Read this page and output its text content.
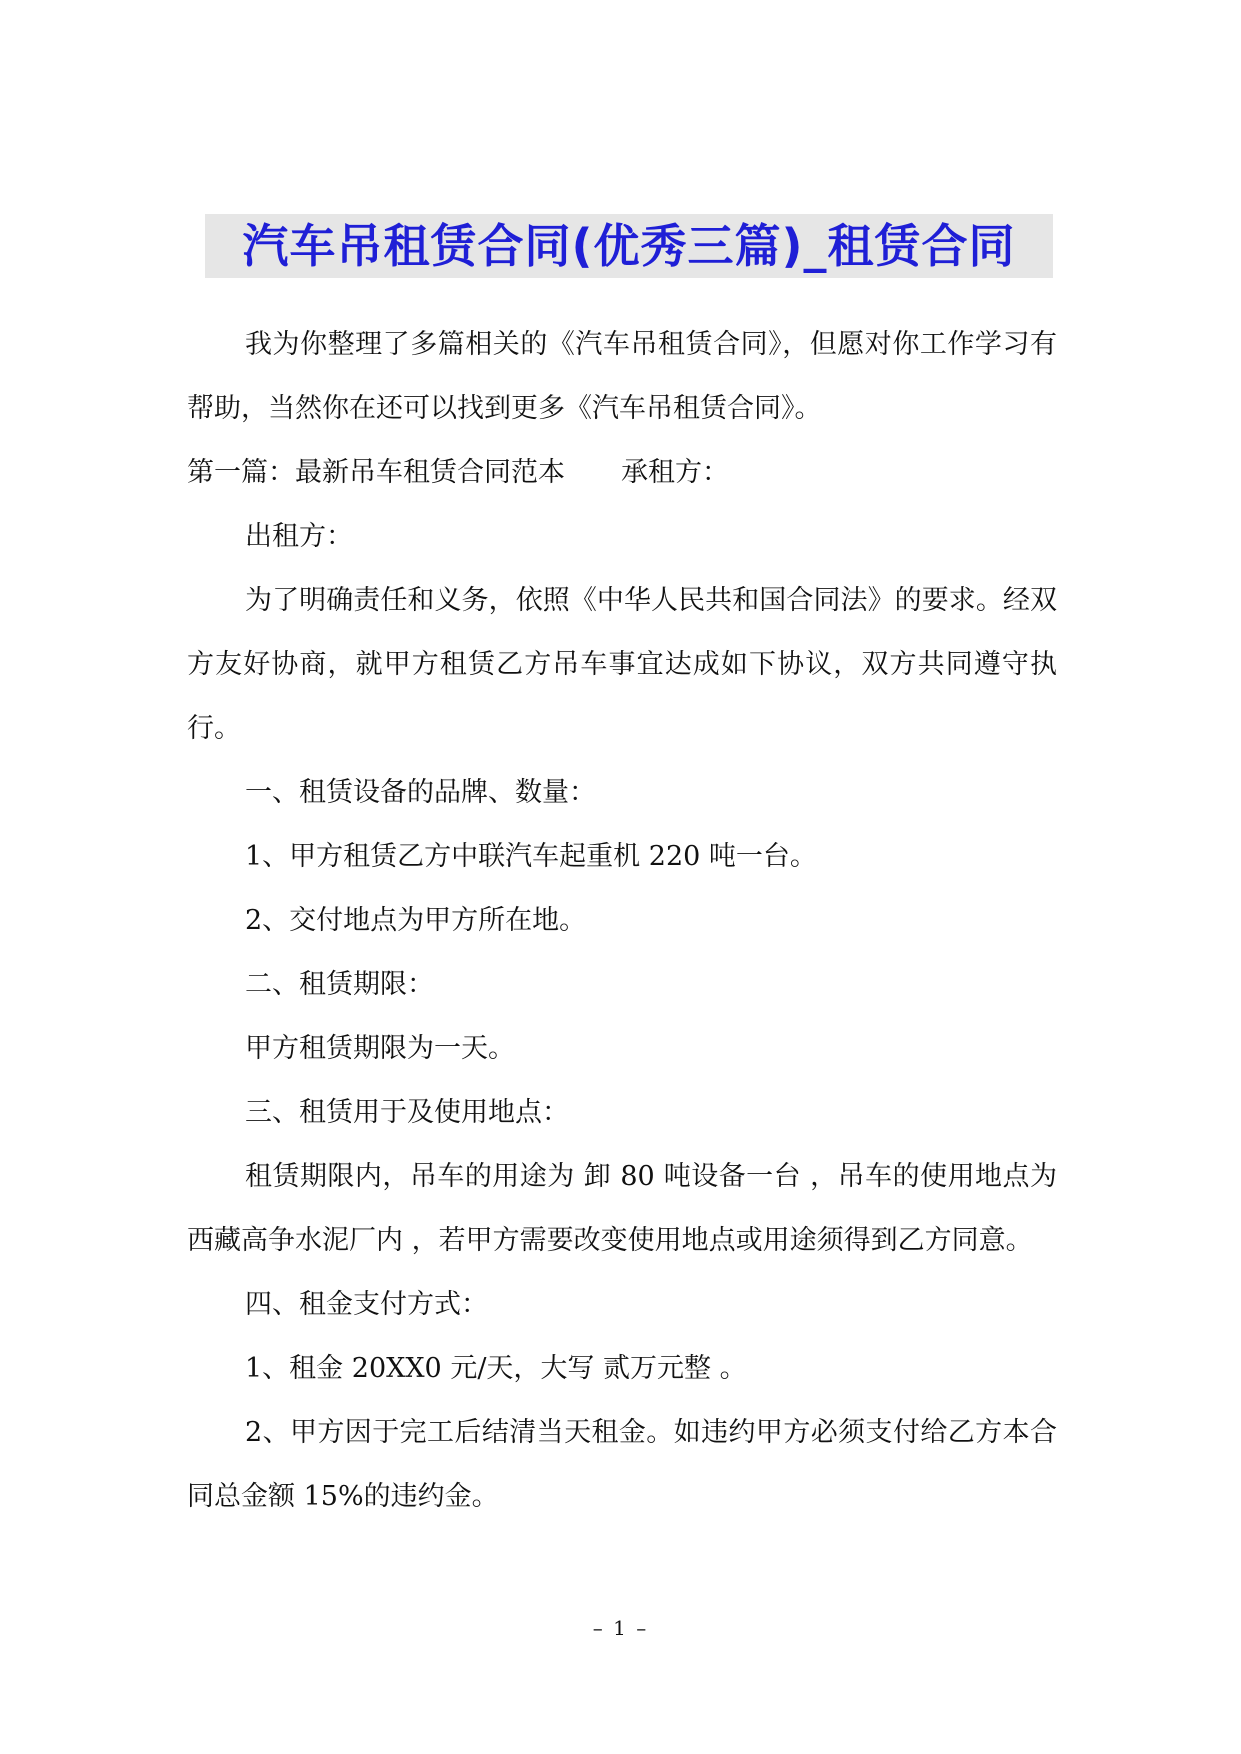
汽车吊租赁合同(优秀三篇)_租赁合同

我为你整理了多篇相关的《汽车吊租赁合同》，但愿对你工作学习有帮助，当然你在还可以找到更多《汽车吊租赁合同》。

第一篇：最新吊车租赁合同范本 承租方：

出租方：

为了明确责任和义务，依照《中华人民共和国合同法》的要求。经双方友好协商，就甲方租赁乙方吊车事宜达成如下协议，双方共同遵守执行。

一、租赁设备的品牌、数量：

1、甲方租赁乙方中联汽车起重机 220 吨一台。

2、交付地点为甲方所在地。

二、租赁期限：

甲方租赁期限为一天。

三、租赁用于及使用地点：

租赁期限内，吊车的用途为 卸 80 吨设备一台 ，吊车的使用地点为 西藏高争水泥厂内 ，若甲方需要改变使用地点或用途须得到乙方同意。

四、租金支付方式：

1、租金 20XX0 元/天，大写 贰万元整 。

2、甲方因于完工后结清当天租金。如违约甲方必须支付给乙方本合同总金额 15%的违约金。

– 1 –
